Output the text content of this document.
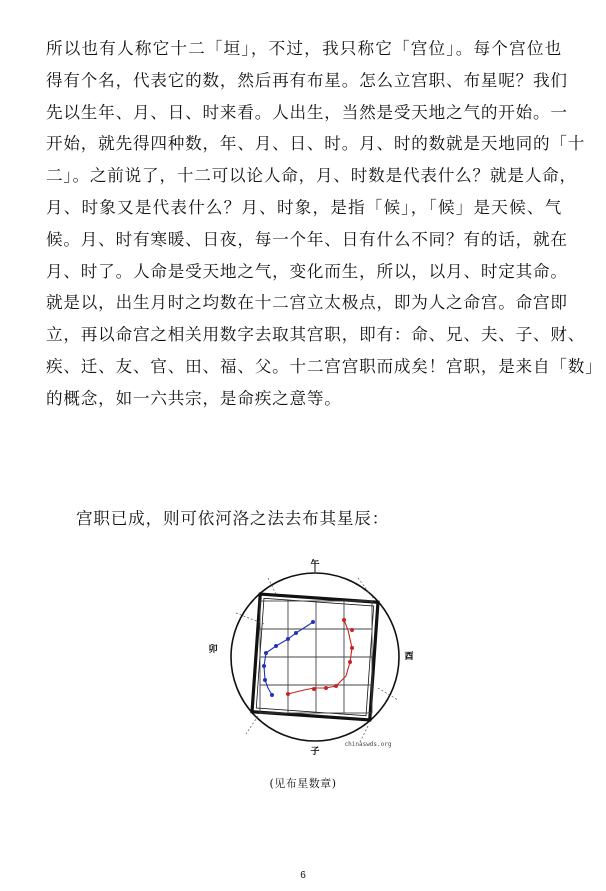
所以也有人称它十二「垣」，不过，我只称它「宫位」。每个宫位也
得有个名，代表它的数，然后再有布星。怎么立宫职、布星呢？我们
先以生年、月、日、时来看。人出生，当然是受天地之气的开始。一
开始，就先得四种数，年、月、日、时。月、时的数就是天地同的「十
二」。之前说了，十二可以论人命，月、时数是代表什么？就是人命，
月、时象又是代表什么？月、时象，是指「候」，「候」是天候、气
候。月、时有寒暖、日夜，每一个年、日有什么不同？有的话，就在
月、时了。人命是受天地之气，变化而生，所以，以月、时定其命。
就是以，出生月时之均数在十二宫立太极点，即为人之命宫。命宫即
立，再以命宫之相关用数字去取其宫职，即有：命、兄、夫、子、财、
疾、迁、友、官、田、福、父。十二宫宫职而成矣！宫职，是来自「数」
的概念，如一六共宗，是命疾之意等。

宫职已成，则可依河洛之法去布其星辰：

午
卯
酉
子
chinaswds.org

(见布星数章)

6
